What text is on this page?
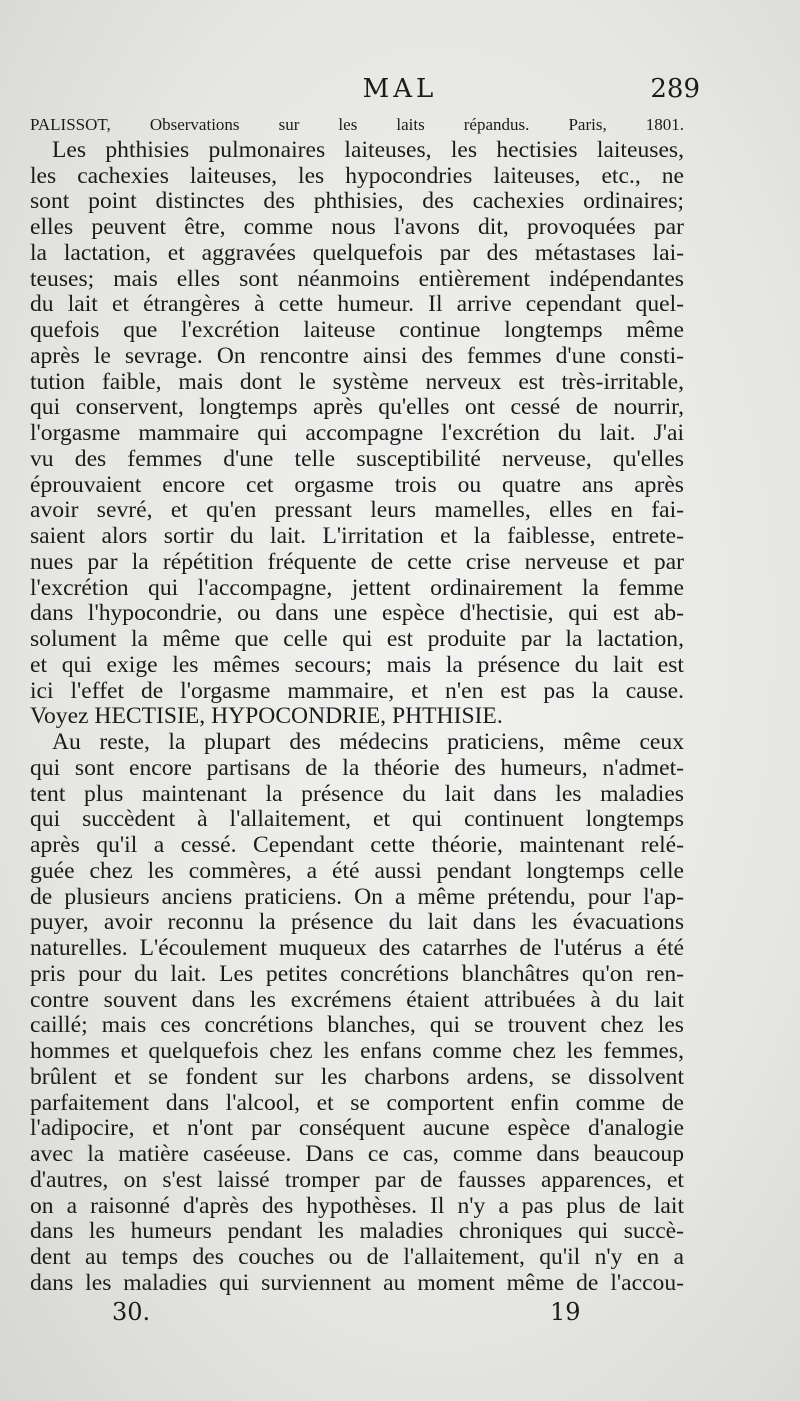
MAL	289
PALISSOT, Observations sur les laits répandus. Paris, 1801.
Les phthisies pulmonaires laiteuses, les hectisies laiteuses,
les cachexies laiteuses, les hypocondries laiteuses, etc., ne
sont point distinctes des phthisies, des cachexies ordinaires;
elles peuvent être, comme nous l'avons dit, provoquées par
la lactation, et aggravées quelquefois par des métastases lai-
teuses; mais elles sont néanmoins entièrement indépendantes
du lait et étrangères à cette humeur. Il arrive cependant quel-
quefois que l'excrétion laiteuse continue longtemps même
après le sevrage. On rencontre ainsi des femmes d'une consti-
tution faible, mais dont le système nerveux est très-irritable,
qui conservent, longtemps après qu'elles ont cessé de nourrir,
l'orgasme mammaire qui accompagne l'excrétion du lait. J'ai
vu des femmes d'une telle susceptibilité nerveuse, qu'elles
éprouvaient encore cet orgasme trois ou quatre ans après
avoir sevré, et qu'en pressant leurs mamelles, elles en fai-
saient alors sortir du lait. L'irritation et la faiblesse, entrete-
nues par la répétition fréquente de cette crise nerveuse et par
l'excrétion qui l'accompagne, jettent ordinairement la femme
dans l'hypocondrie, ou dans une espèce d'hectisie, qui est ab-
solument la même que celle qui est produite par la lactation,
et qui exige les mêmes secours; mais la présence du lait est
ici l'effet de l'orgasme mammaire, et n'en est pas la cause.
Voyez HECTISIE, HYPOCONDRIE, PHTHISIE.
Au reste, la plupart des médecins praticiens, même ceux
qui sont encore partisans de la théorie des humeurs, n'admet-
tent plus maintenant la présence du lait dans les maladies
qui succèdent à l'allaitement, et qui continuent longtemps
après qu'il a cessé. Cependant cette théorie, maintenant relé-
guée chez les commères, a été aussi pendant longtemps celle
de plusieurs anciens praticiens. On a même prétendu, pour l'ap-
puyer, avoir reconnu la présence du lait dans les évacuations
naturelles. L'écoulement muqueux des catarrhes de l'utérus a été
pris pour du lait. Les petites concrétions blanchâtres qu'on ren-
contre souvent dans les excrémens étaient attribuées à du lait
caillé; mais ces concrétions blanches, qui se trouvent chez les
hommes et quelquefois chez les enfans comme chez les femmes,
brûlent et se fondent sur les charbons ardens, se dissolvent
parfaitement dans l'alcool, et se comportent enfin comme de
l'adipocire, et n'ont par conséquent aucune espèce d'analogie
avec la matière caséeuse. Dans ce cas, comme dans beaucoup
d'autres, on s'est laissé tromper par de fausses apparences, et
on a raisonné d'après des hypothèses. Il n'y a pas plus de lait
dans les humeurs pendant les maladies chroniques qui succè-
dent au temps des couches ou de l'allaitement, qu'il n'y en a
dans les maladies qui surviennent au moment même de l'accou-
30.	19
